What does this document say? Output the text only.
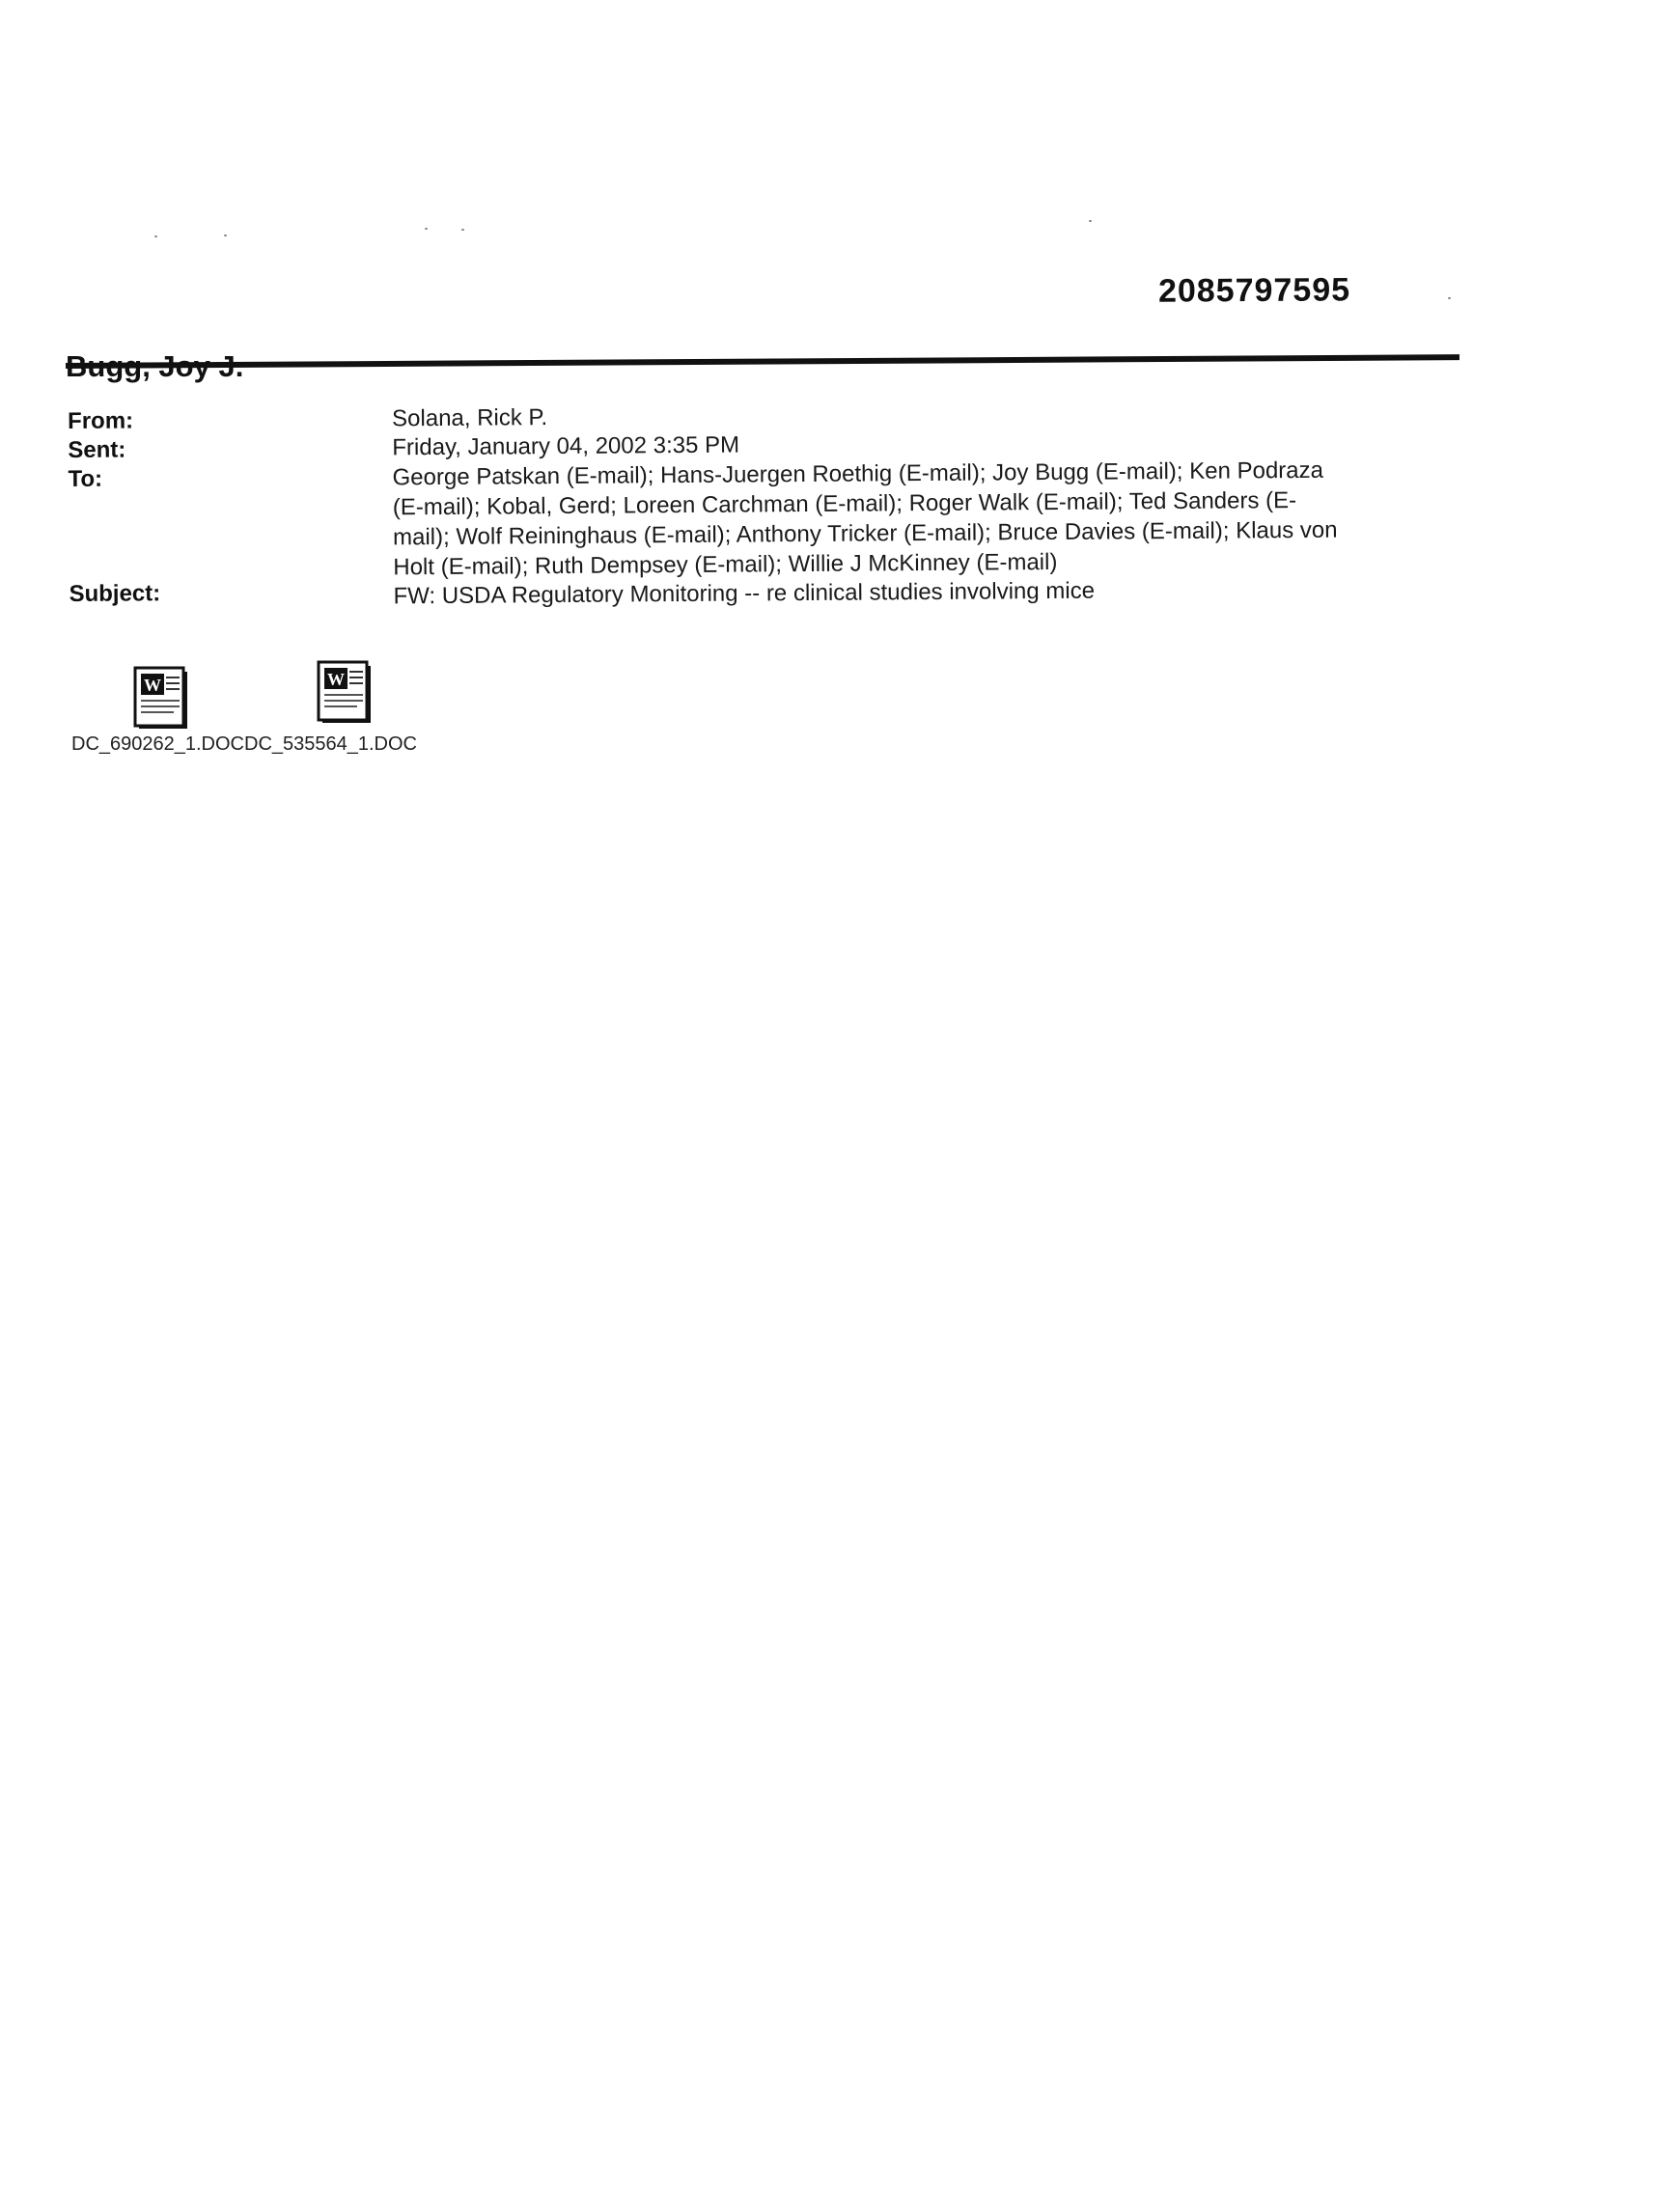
2085797595
From:	Solana, Rick P.
Sent:	Friday, January 04, 2002 3:35 PM
To:	George Patskan (E-mail); Hans-Juergen Roethig (E-mail); Joy Bugg (E-mail); Ken Podraza
(E-mail); Kobal, Gerd; Loreen Carchman (E-mail); Roger Walk (E-mail); Ted Sanders (E-
mail); Wolf Reininghaus (E-mail); Anthony Tricker (E-mail); Bruce Davies (E-mail); Klaus von
Holt (E-mail); Ruth Dempsey (E-mail); Willie J McKinney (E-mail)
Subject:	FW: USDA Regulatory Monitoring -- re clinical studies involving mice
W	W
DC_690262_1.DOCDC_535564_1.DOC
